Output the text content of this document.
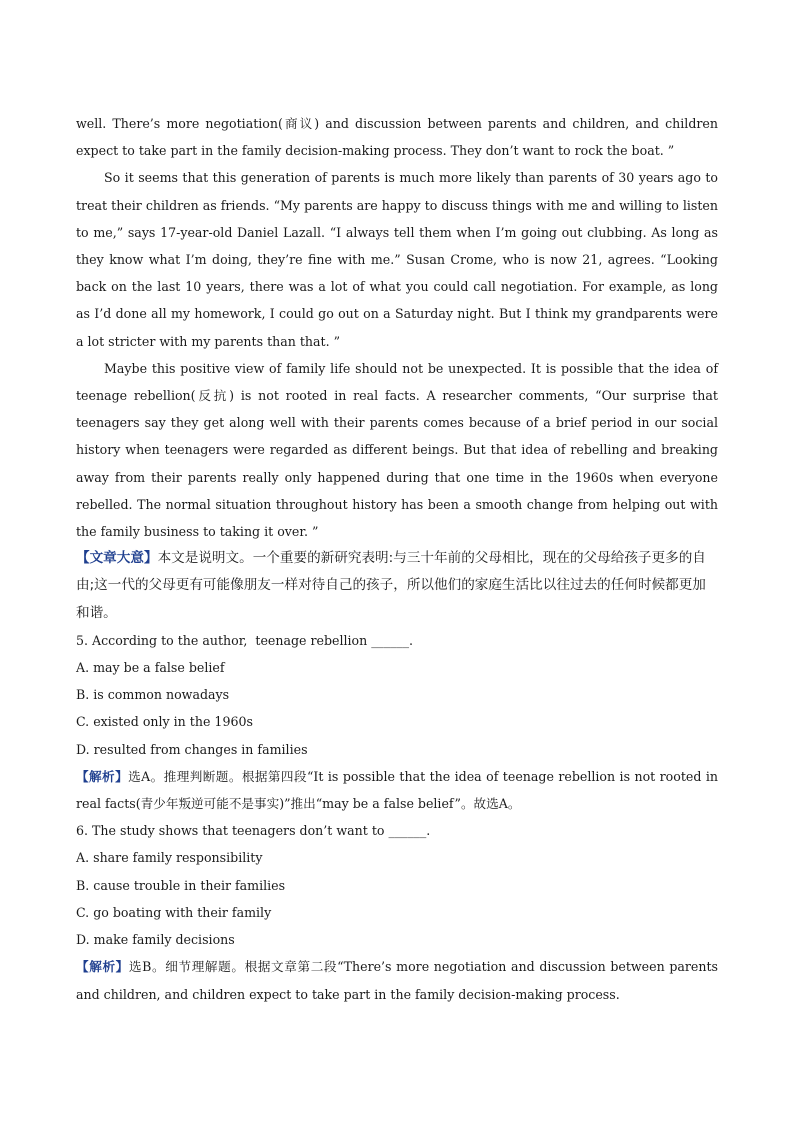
well. There’s more negotiation(商议) and discussion between parents and children, and children expect to take part in the family decision-making process. They don’t want to rock the boat. ”

So it seems that this generation of parents is much more likely than parents of 30 years ago to treat their children as friends. “My parents are happy to discuss things with me and willing to listen to me,” says 17-year-old Daniel Lazall. “I always tell them when I’m going out clubbing. As long as they know what I’m doing, they’re fine with me.” Susan Crome, who is now 21, agrees. “Looking back on the last 10 years, there was a lot of what you could call negotiation. For example, as long as I’d done all my homework, I could go out on a Saturday night. But I think my grandparents were a lot stricter with my parents than that. ”

Maybe this positive view of family life should not be unexpected. It is possible that the idea of teenage rebellion(反抗) is not rooted in real facts. A researcher comments, “Our surprise that teenagers say they get along well with their parents comes because of a brief period in our social history when teenagers were regarded as different beings. But that idea of rebelling and breaking away from their parents really only happened during that one time in the 1960s when everyone rebelled. The normal situation throughout history has been a smooth change from helping out with the family business to taking it over. ”

【文章大意】本文是说明文。一个重要的新研究表明:与三十年前的父母相比，现在的父母给孩子更多的自由;这一代的父母更有可能像朋友一样对待自己的孩子，所以他们的家庭生活比以往过去的任何时候都更加和谐。

5. According to the author,  teenage rebellion ______.

A. may be a false belief

B. is common nowadays

C. existed only in the 1960s

D. resulted from changes in families

【解析】选A。推理判断题。根据第四段“It is possible that the idea of teenage rebellion is not rooted in real facts(青少年叛逆可能不是事实)”推出“may be a false belief”。故选A。

6. The study shows that teenagers don’t want to ______.

A. share family responsibility

B. cause trouble in their families

C. go boating with their family

D. make family decisions

【解析】选B。细节理解题。根据文章第二段“There’s more negotiation and discussion between parents and children, and children expect to take part in the family decision-making process.
